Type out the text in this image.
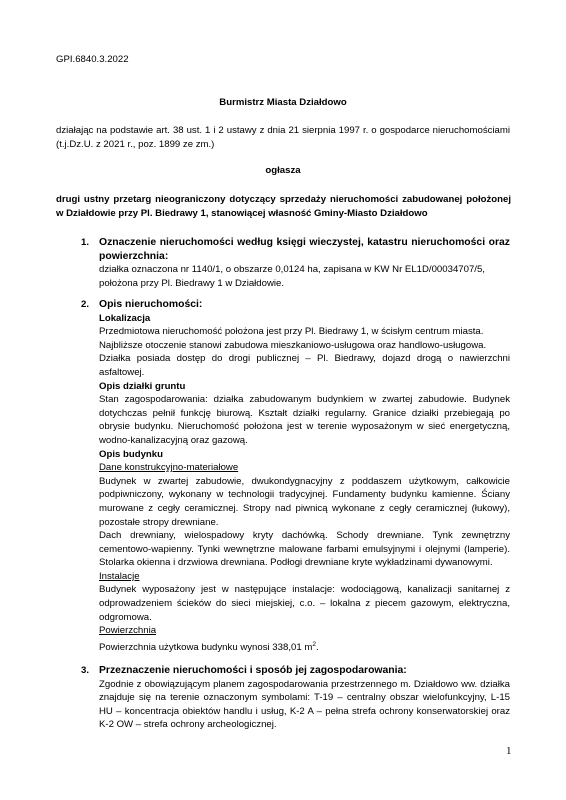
GPI.6840.3.2022
Burmistrz Miasta Działdowo

działając na podstawie art. 38 ust. 1 i 2 ustawy z dnia 21 sierpnia 1997 r. o gospodarce nieruchomościami (t.j.Dz.U. z 2021 r., poz. 1899 ze zm.)

ogłasza

drugi ustny przetarg nieograniczony dotyczący sprzedaży nieruchomości zabudowanej położonej w Działdowie przy Pl. Biedrawy 1, stanowiącej własność Gminy-Miasto Działdowo

1. Oznaczenie nieruchomości według księgi wieczystej, katastru nieruchomości oraz powierzchnia:

działka oznaczona nr 1140/1, o obszarze 0,0124 ha, zapisana w KW Nr EL1D/00034707/5, położona przy Pl. Biedrawy 1 w Działdowie.

2. Opis nieruchomości:

Lokalizacja

Przedmiotowa nieruchomość położona jest przy Pl. Biedrawy 1, w ścisłym centrum miasta.

Najbliższe otoczenie stanowi zabudowa mieszkaniowo-usługowa oraz handlowo-usługowa.

Działka posiada dostęp do drogi publicznej – Pl. Biedrawy, dojazd drogą o nawierzchni asfaltowej.

Opis działki gruntu

Stan zagospodarowania: działka zabudowanym budynkiem w zwartej zabudowie. Budynek dotychczas pełnił funkcję biurową. Kształt działki regularny. Granice działki przebiegają po obrysie budynku. Nieruchomość położona jest w terenie wyposażonym w sieć energetyczną, wodno-kanalizacyjną oraz gazową.

Opis budynku

Dane konstrukcyjno-materiałowe

Budynek w zwartej zabudowie, dwukondygnacyjny z poddaszem użytkowym, całkowicie podpiwniczony, wykonany w technologii tradycyjnej. Fundamenty budynku kamienne. Ściany murowane z cegły ceramicznej. Stropy nad piwnicą wykonane z cegły ceramicznej (łukowy), pozostałe stropy drewniane.

Dach drewniany, wielospadowy kryty dachówką. Schody drewniane. Tynk zewnętrzny cementowo-wapienny. Tynki wewnętrzne malowane farbami emulsyjnymi i olejnymi (lamperie). Stolarka okienna i drzwiowa drewniana. Podłogi drewniane kryte wykładzinami dywanowymi.

Instalacje

Budynek wyposażony jest w następujące instalacje: wodociągową, kanalizacji sanitarnej z odprowadzeniem ścieków do sieci miejskiej, c.o. – lokalna z piecem gazowym, elektryczna, odgromowa.

Powierzchnia

Powierzchnia użytkowa budynku wynosi 338,01 $m^2$.

3. Przeznaczenie nieruchomości i sposób jej zagospodarowania:

Zgodnie z obowiązującym planem zagospodarowania przestrzennego m. Działdowo ww. działka znajduje się na terenie oznaczonym symbolami: T-19 – centralny obszar wielofunkcyjny, L-15 HU – koncentracja obiektów handlu i usług, K-2 A – pełna strefa ochrony konserwatorskiej oraz K-2 OW – strefa ochrony archeologicznej.

1
